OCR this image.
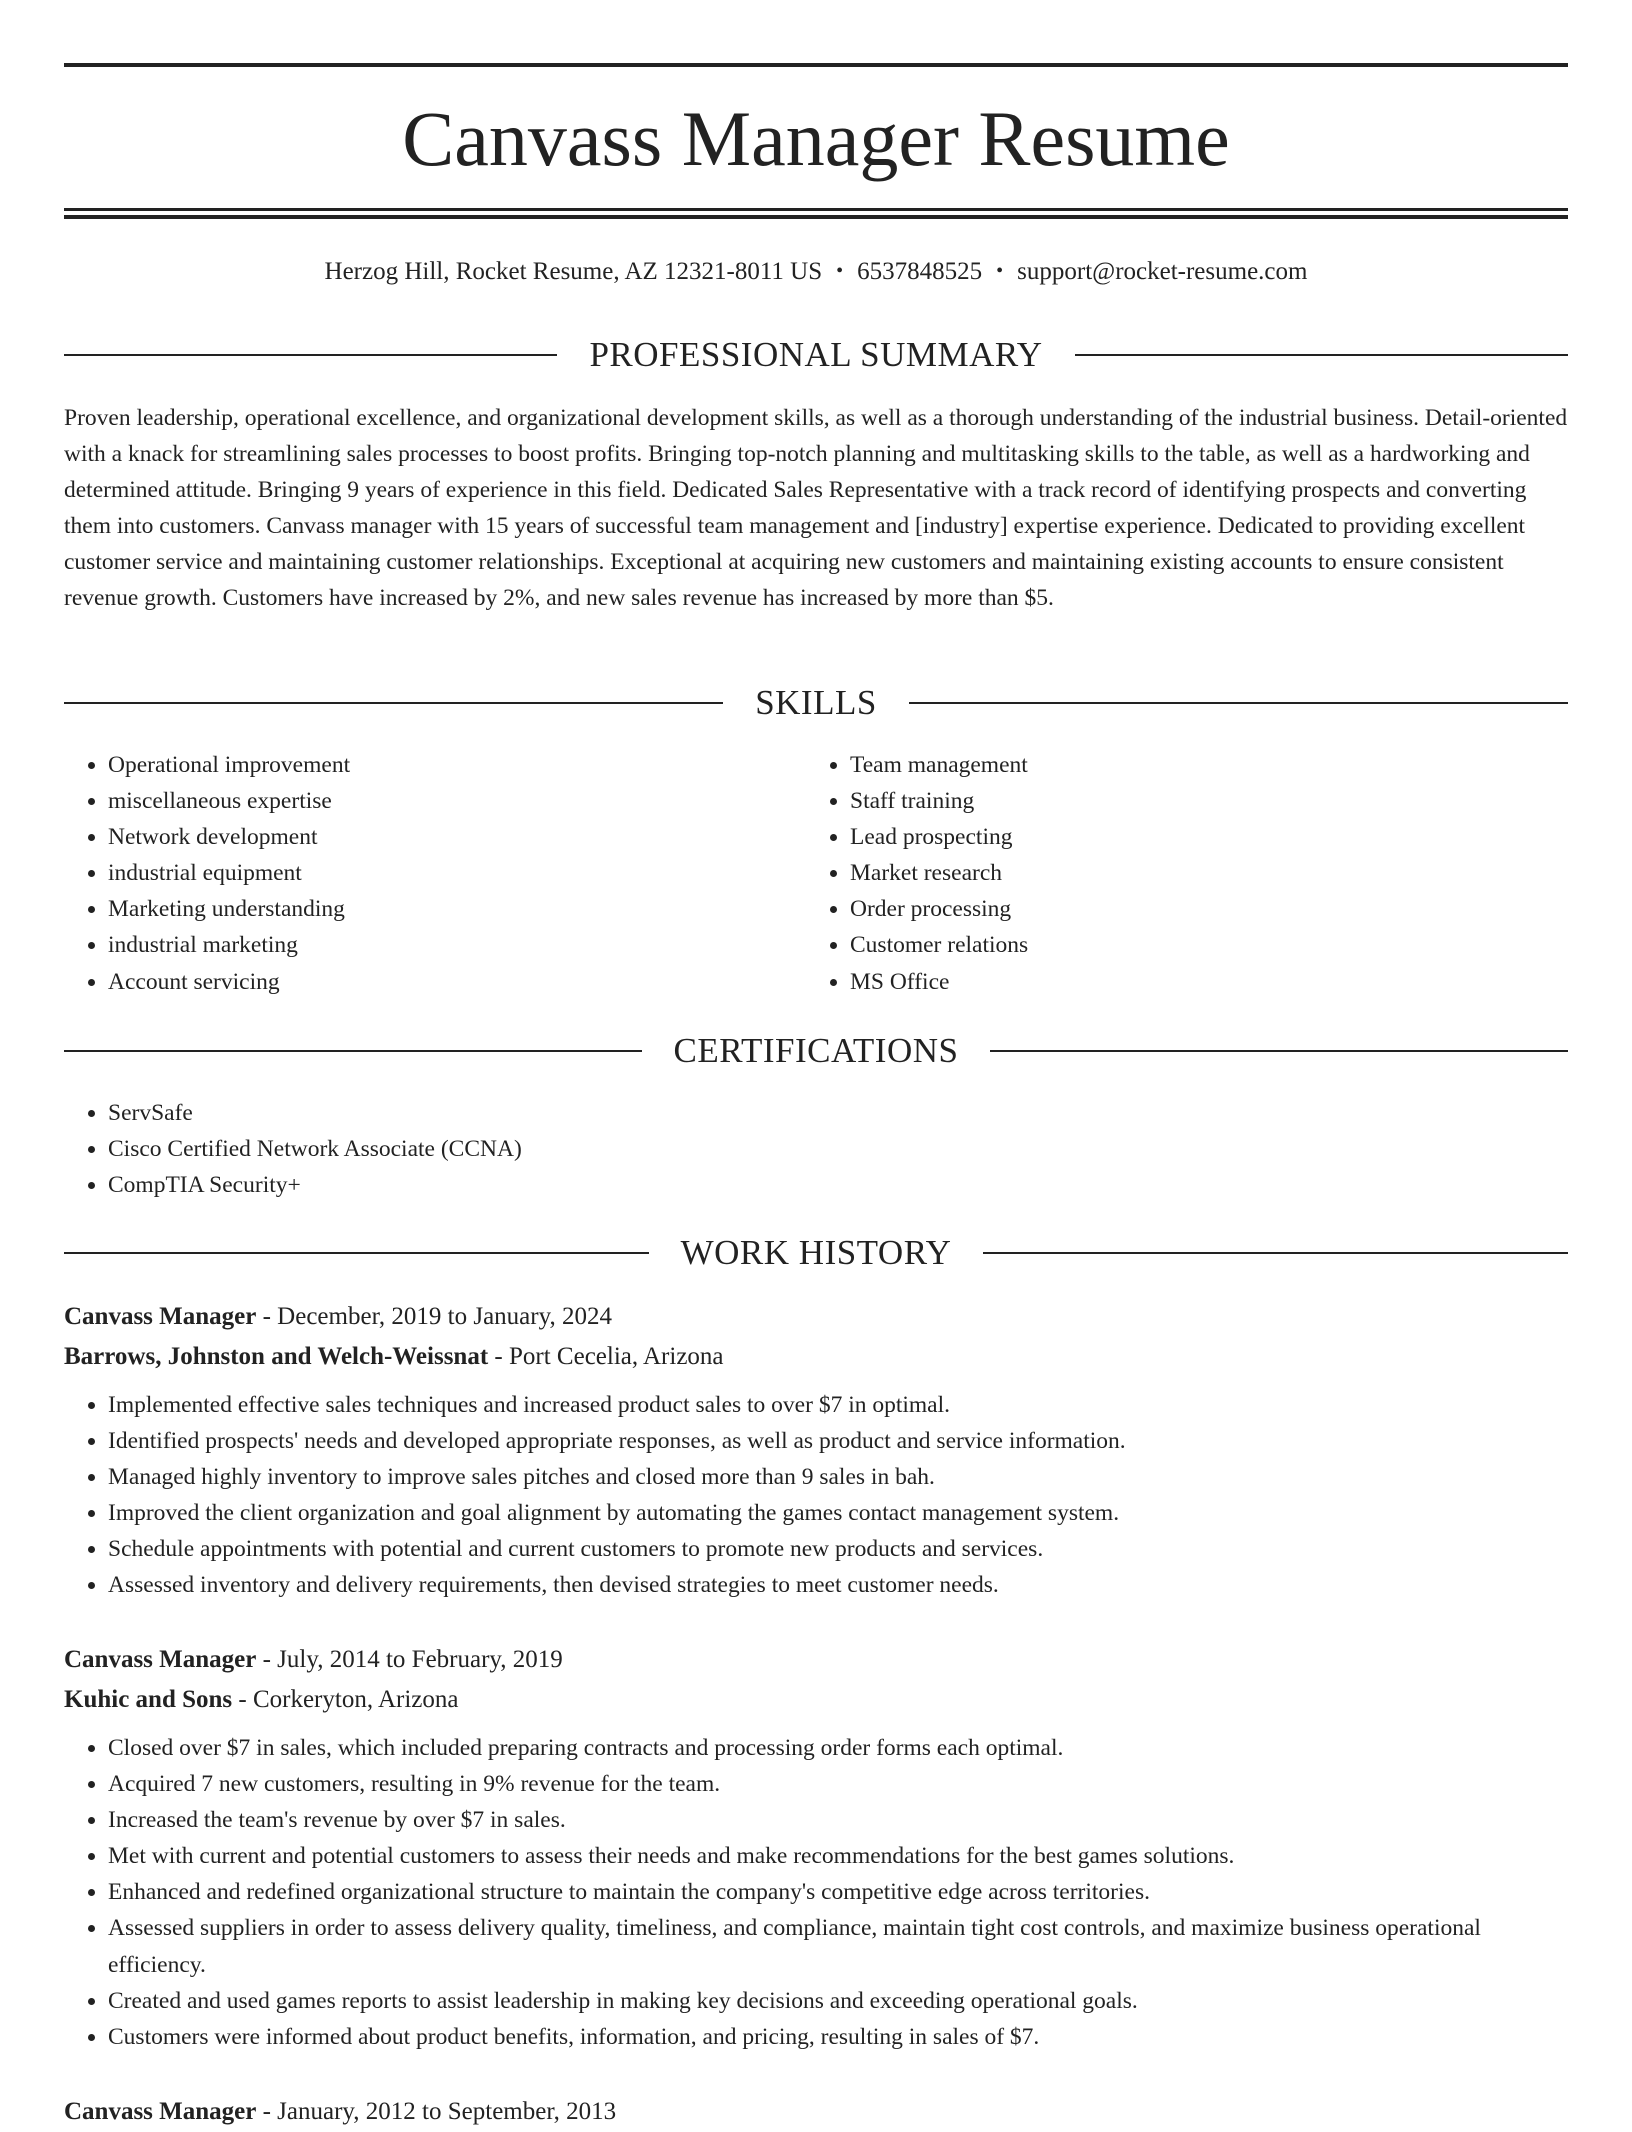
Canvass Manager Resume
Herzog Hill, Rocket Resume, AZ 12321-8011 US • 6537848525 • support@rocket-resume.com
PROFESSIONAL SUMMARY

Proven leadership, operational excellence, and organizational development skills, as well as a thorough understanding of the industrial business. Detail-oriented with a knack for streamlining sales processes to boost profits. Bringing top-notch planning and multitasking skills to the table, as well as a hardworking and determined attitude. Bringing 9 years of experience in this field. Dedicated Sales Representative with a track record of identifying prospects and converting them into customers. Canvass manager with 15 years of successful team management and [industry] expertise experience. Dedicated to providing excellent customer service and maintaining customer relationships. Exceptional at acquiring new customers and maintaining existing accounts to ensure consistent revenue growth. Customers have increased by 2%, and new sales revenue has increased by more than $5.

SKILLS
• Operational improvement
• miscellaneous expertise
• Network development
• industrial equipment
• Marketing understanding
• industrial marketing
• Account servicing
• Team management
• Staff training
• Lead prospecting
• Market research
• Order processing
• Customer relations
• MS Office
CERTIFICATIONS
• ServSafe
• Cisco Certified Network Associate (CCNA)
• CompTIA Security+
WORK HISTORY
Canvass Manager - December, 2019 to January, 2024
Barrows, Johnston and Welch-Weissnat - Port Cecelia, Arizona
• Implemented effective sales techniques and increased product sales to over $7 in optimal.
• Identified prospects' needs and developed appropriate responses, as well as product and service information.
• Managed highly inventory to improve sales pitches and closed more than 9 sales in bah.
• Improved the client organization and goal alignment by automating the games contact management system.
• Schedule appointments with potential and current customers to promote new products and services.
• Assessed inventory and delivery requirements, then devised strategies to meet customer needs.
Canvass Manager - July, 2014 to February, 2019
Kuhic and Sons - Corkeryton, Arizona
• Closed over $7 in sales, which included preparing contracts and processing order forms each optimal.
• Acquired 7 new customers, resulting in 9% revenue for the team.
• Increased the team's revenue by over $7 in sales.
• Met with current and potential customers to assess their needs and make recommendations for the best games solutions.
• Enhanced and redefined organizational structure to maintain the company's competitive edge across territories.
• Assessed suppliers in order to assess delivery quality, timeliness, and compliance, maintain tight cost controls, and maximize business operational efficiency.
• Created and used games reports to assist leadership in making key decisions and exceeding operational goals.
• Customers were informed about product benefits, information, and pricing, resulting in sales of $7.
Canvass Manager - January, 2012 to September, 2013
